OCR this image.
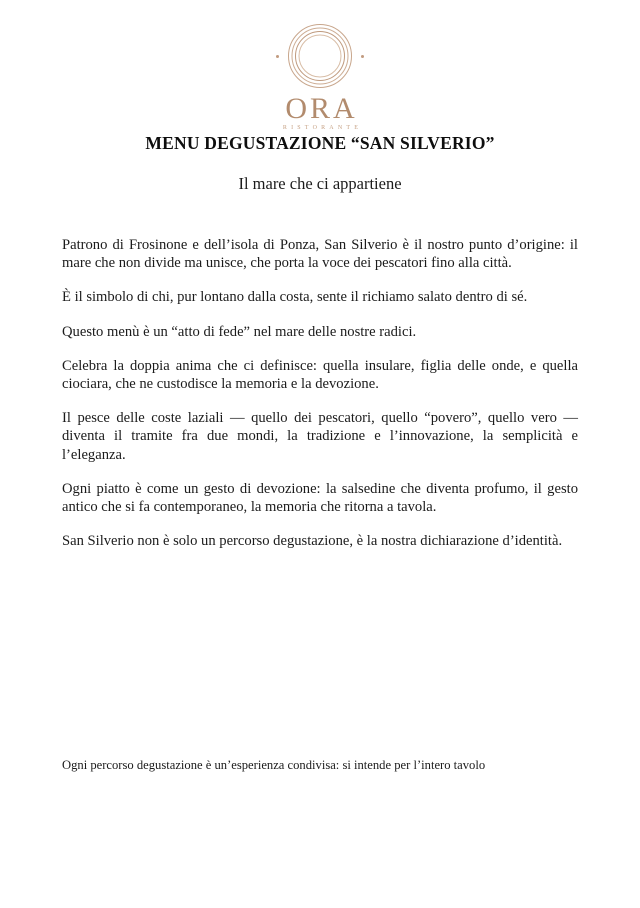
ORA
RISTORANTE
MENU DEGUSTAZIONE “SAN SILVERIO”
Il mare che ci appartiene

Patrono di Frosinone e dell’isola di Ponza, San Silverio è il nostro punto d’origine: il mare che non divide ma unisce, che porta la voce dei pescatori fino alla città.

È il simbolo di chi, pur lontano dalla costa, sente il richiamo salato dentro di sé.

Questo menù è un “atto di fede” nel mare delle nostre radici.

Celebra la doppia anima che ci definisce: quella insulare, figlia delle onde, e quella ciociara, che ne custodisce la memoria e la devozione.

Il pesce delle coste laziali — quello dei pescatori, quello “povero”, quello vero — diventa il tramite fra due mondi, la tradizione e l’innovazione, la semplicità e l’eleganza.

Ogni piatto è come un gesto di devozione: la salsedine che diventa profumo, il gesto antico che si fa contemporaneo, la memoria che ritorna a tavola.

San Silverio non è solo un percorso degustazione, è la nostra dichiarazione d’identità.

Ogni percorso degustazione è un’esperienza condivisa: si intende per l’intero tavolo
